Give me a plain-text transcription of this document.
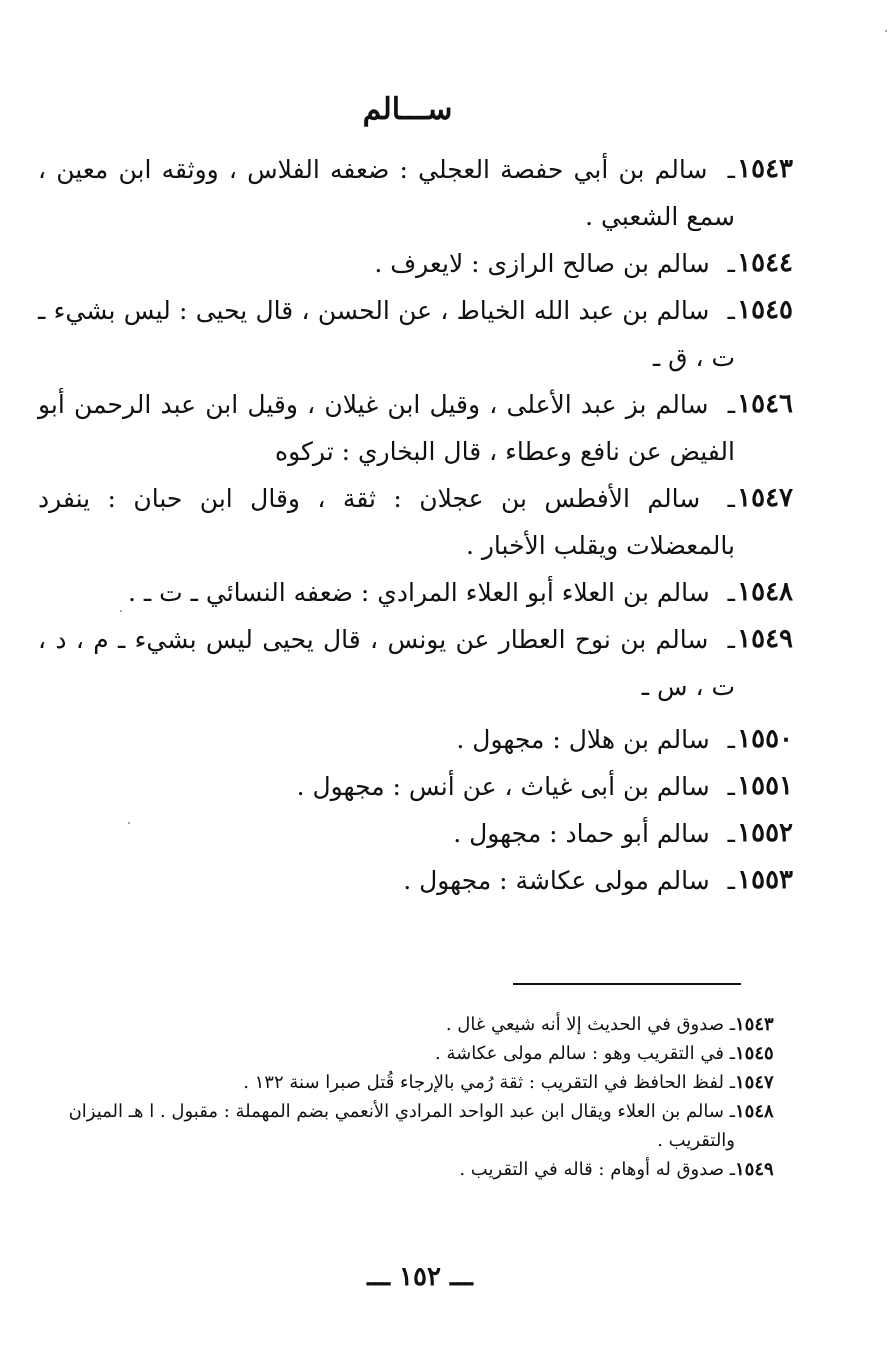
ســـالم
١٥٤٣
ـ سالم بن أبي حفصة العجلي : ضعفه الفلاس ، ووثقه ابن معين ، سمع الشعبي .
١٥٤٤
ـ سالم بن صالح الرازى : لايعرف .
١٥٤٥
ـ سالم بن عبد الله الخياط ، عن الحسن ، قال يحيى : ليس بشيء ـ ت ، ق ـ
١٥٤٦
ـ سالم بز عبد الأعلى ، وقيل ابن غيلان ، وقيل ابن عبد الرحمن أبو الفيض عن نافع وعطاء ، قال البخاري : تركوه
١٥٤٧
ـ سالم الأفطس بن عجلان : ثقة ، وقال ابن حبان : ينفرد بالمعضلات ويقلب الأخبار .
١٥٤٨
ـ سالم بن العلاء أبو العلاء المرادي : ضعفه النسائي ـ ت ـ .
١٥٤٩
ـ سالم بن نوح العطار عن يونس ، قال يحيى ليس بشيء ـ م ، د ، ت ، س ـ
١٥٥٠
ـ سالم بن هلال : مجهول .
١٥٥١
ـ سالم بن أبى غياث ، عن أنس : مجهول .
١٥٥٢
ـ سالم أبو حماد : مجهول .
١٥٥٣
ـ سالم مولى عكاشة : مجهول .
١٥٤٣
ـ صدوق في الحديث إلا أنه شيعي غال .
١٥٤٥
ـ في التقريب وهو : سالم مولى عكاشة .
١٥٤٧
ـ لفظ الحافظ في التقريب : ثقة رُمي بالإرجاء قُتل صبرا سنة ١٣٢ .
١٥٤٨
ـ سالم بن العلاء ويقال ابن عبد الواحد المرادي الأنعمي بضم المهملة : مقبول . ا هـ الميزان والتقريب .
١٥٤٩
ـ صدوق له أوهام : قاله في التقريب .
ـــ ١٥٢ ـــ
